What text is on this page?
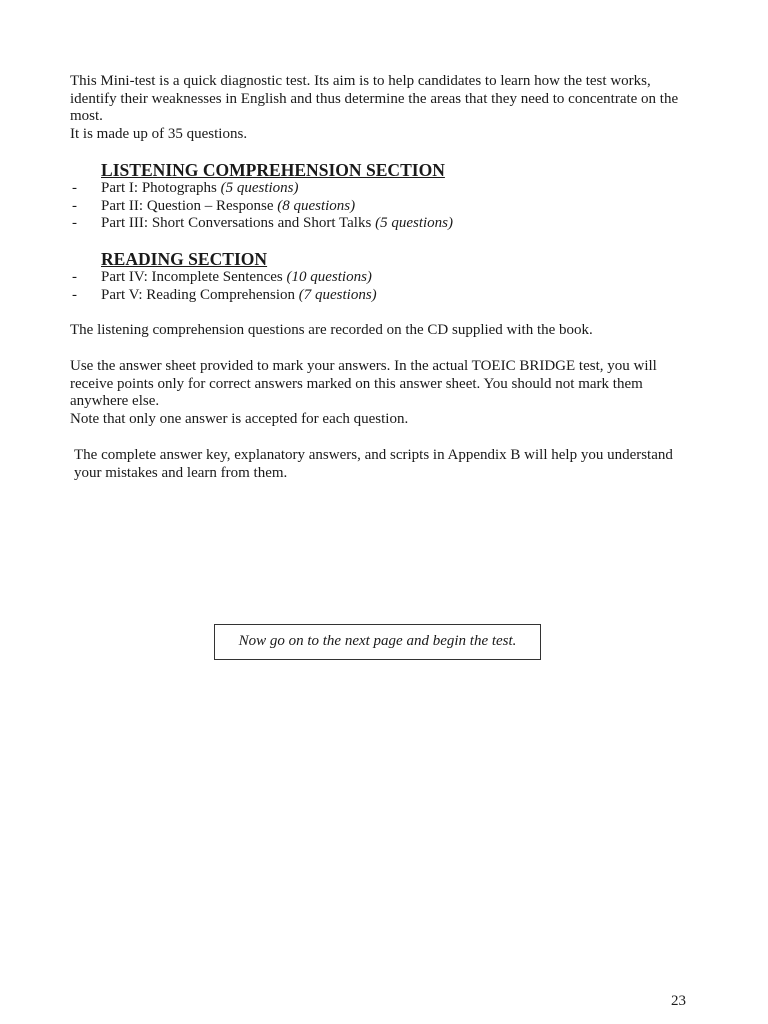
This Mini-test is a quick diagnostic test. Its aim is to help candidates to learn how the test works, identify their weaknesses in English and thus determine the areas that they need to concentrate on the most.

It is made up of 35 questions.

LISTENING COMPREHENSION SECTION
-	Part I: Photographs
(5 questions)
-	Part II: Question – Response
(8 questions)
-	Part III: Short Conversations and Short Talks
(5 questions)
READING SECTION
-	Part IV: Incomplete Sentences
(10 questions)
-	Part V: Reading Comprehension
(7 questions)

The listening comprehension questions are recorded on the CD supplied with the book.

Use the answer sheet provided to mark your answers. In the actual TOEIC BRIDGE test, you will receive points only for correct answers marked on this answer sheet. You should not mark them anywhere else.

Note that only one answer is accepted for each question.

The complete answer key, explanatory answers, and scripts in Appendix B will help you understand your mistakes and learn from them.

Now go on to the next page and begin the test.
23
